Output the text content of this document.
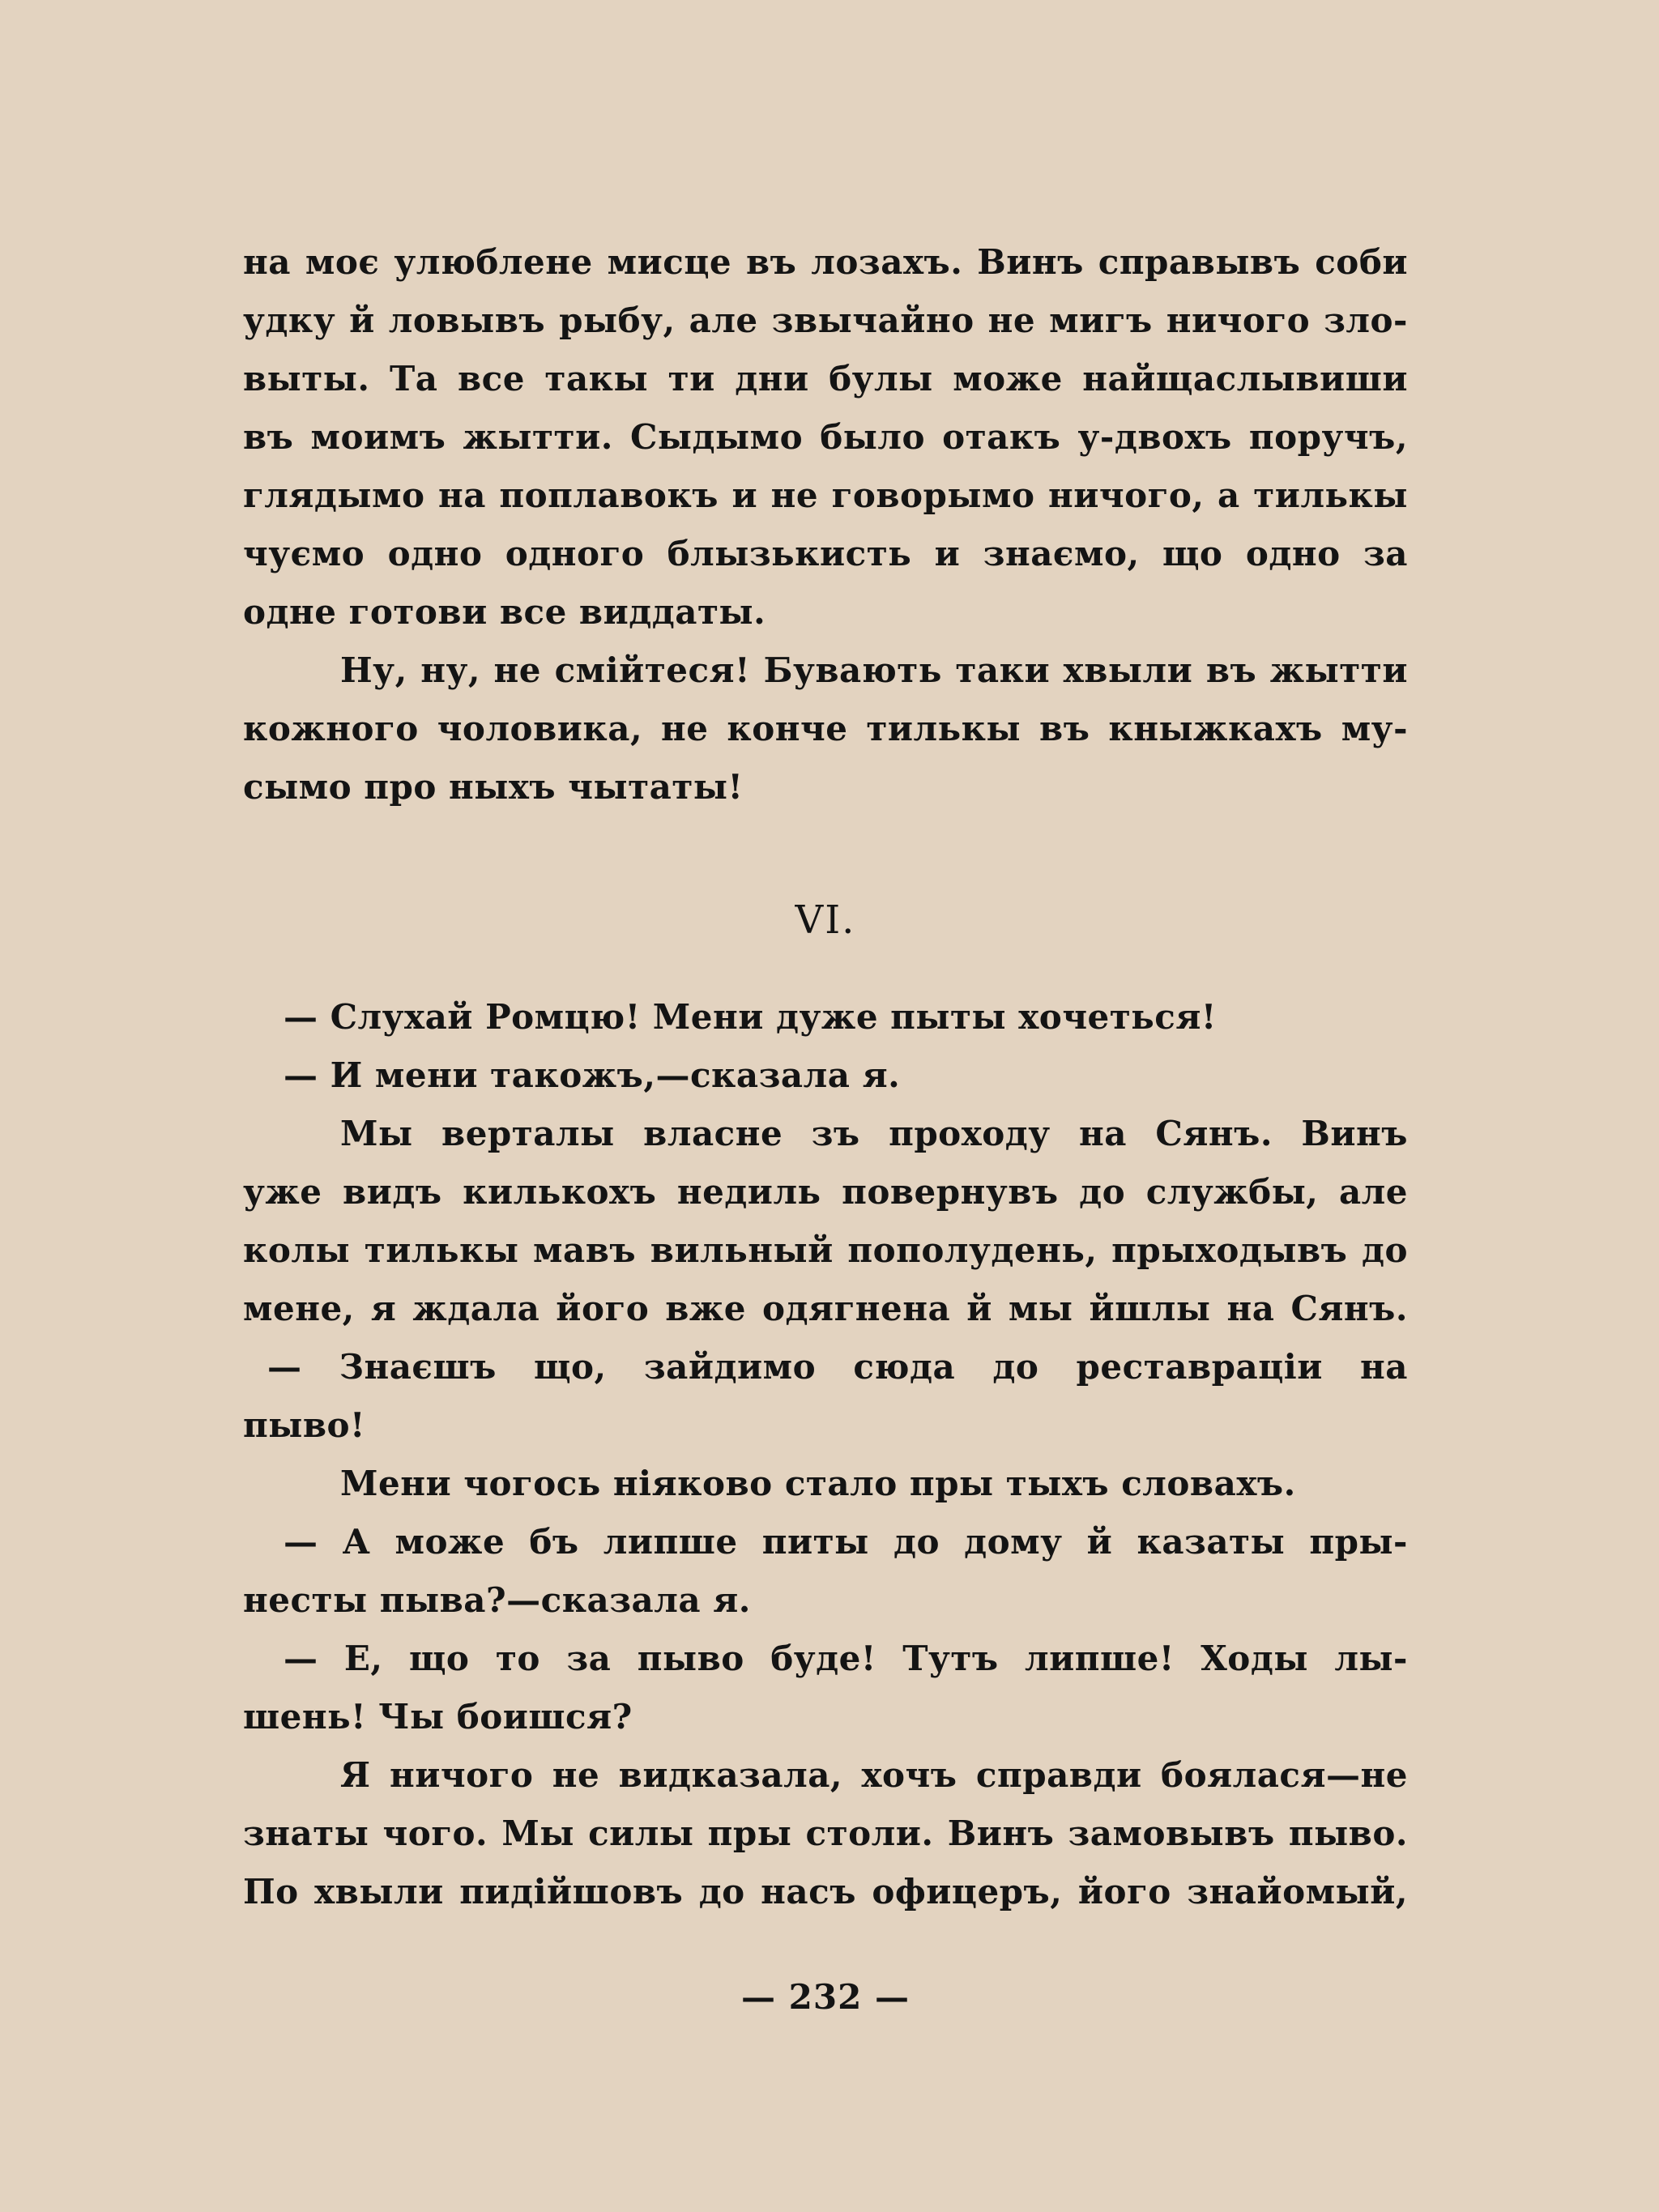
на моє улюблене мисце въ лозахъ. Винъ справывъ соби
удку й ловывъ рыбу, але звычайно не мигъ ничого зло-
выты. Та все такы ти дни булы може найщаслывиши
въ моимъ жытти. Сыдымо было отакъ у-двохъ поручъ,
глядымо на поплавокъ и не говорымо ничого, а тилькы
чуємо одно одного блызькисть и знаємо, що одно за
одне готови все виддаты.
Ну, ну, не смійтеся! Бувають таки хвыли въ жытти
кожного чоловика, не конче тилькы въ кныжкахъ му-
сымо про ныхъ чытаты!
VI.
— Слухай Ромцю! Мени дуже пыты хочеться!
— И мени такожъ,—сказала я.
Мы верталы власне зъ проходу на Сянъ. Винъ
уже видъ килькохъ недиль повернувъ до службы, але
колы тилькы мавъ вильный пополудень, прыходывъ до
мене, я ждала його вже одягнена й мы йшлы на Сянъ.
— Знаєшъ що, зайдимо сюда до реставраціи на
пыво!
Мени чогось ніяково стало пры тыхъ словахъ.
— А може бъ липше питы до дому й казаты пры-
несты пыва?—сказала я.
— Е, що то за пыво буде! Тутъ липше! Ходы лы-
шень! Чы боишся?
Я ничого не видказала, хочъ справди боялася—не
знаты чого. Мы силы пры столи. Винъ замовывъ пыво.
По хвыли пидійшовъ до насъ офицеръ, його знайомый,
— 232 —
